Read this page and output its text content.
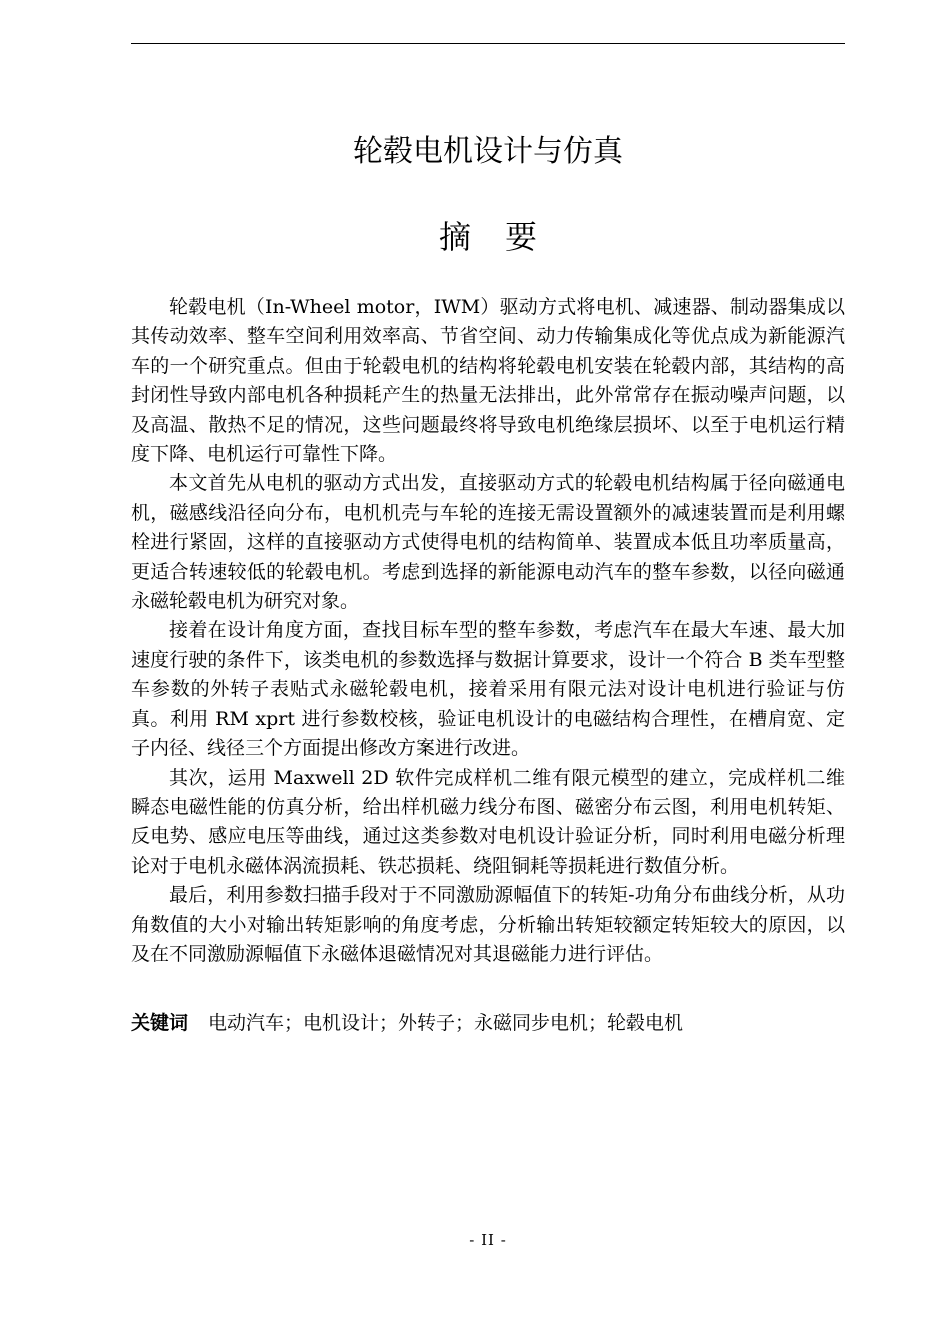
轮毂电机设计与仿真
摘要

轮毂电机（In-Wheel motor，IWM）驱动方式将电机、减速器、制动器集成以其传动效率、整车空间利用效率高、节省空间、动力传输集成化等优点成为新能源汽车的一个研究重点。但由于轮毂电机的结构将轮毂电机安装在轮毂内部，其结构的高封闭性导致内部电机各种损耗产生的热量无法排出，此外常常存在振动噪声问题，以及高温、散热不足的情况，这些问题最终将导致电机绝缘层损坏、以至于电机运行精度下降、电机运行可靠性下降。

本文首先从电机的驱动方式出发，直接驱动方式的轮毂电机结构属于径向磁通电机，磁感线沿径向分布，电机机壳与车轮的连接无需设置额外的减速装置而是利用螺栓进行紧固，这样的直接驱动方式使得电机的结构简单、装置成本低且功率质量高，更适合转速较低的轮毂电机。考虑到选择的新能源电动汽车的整车参数，以径向磁通永磁轮毂电机为研究对象。

接着在设计角度方面，查找目标车型的整车参数，考虑汽车在最大车速、最大加速度行驶的条件下，该类电机的参数选择与数据计算要求，设计一个符合 B 类车型整车参数的外转子表贴式永磁轮毂电机，接着采用有限元法对设计电机进行验证与仿真。利用 RM xprt 进行参数校核，验证电机设计的电磁结构合理性，在槽肩宽、定子内径、线径三个方面提出修改方案进行改进。

其次，运用 Maxwell 2D 软件完成样机二维有限元模型的建立，完成样机二维瞬态电磁性能的仿真分析，给出样机磁力线分布图、磁密分布云图，利用电机转矩、反电势、感应电压等曲线，通过这类参数对电机设计验证分析，同时利用电磁分析理论对于电机永磁体涡流损耗、铁芯损耗、绕阻铜耗等损耗进行数值分析。

最后，利用参数扫描手段对于不同激励源幅值下的转矩-功角分布曲线分析，从功角数值的大小对输出转矩影响的角度考虑，分析输出转矩较额定转矩较大的原因，以及在不同激励源幅值下永磁体退磁情况对其退磁能力进行评估。

关键词 电动汽车；电机设计；外转子；永磁同步电机；轮毂电机

- II -
